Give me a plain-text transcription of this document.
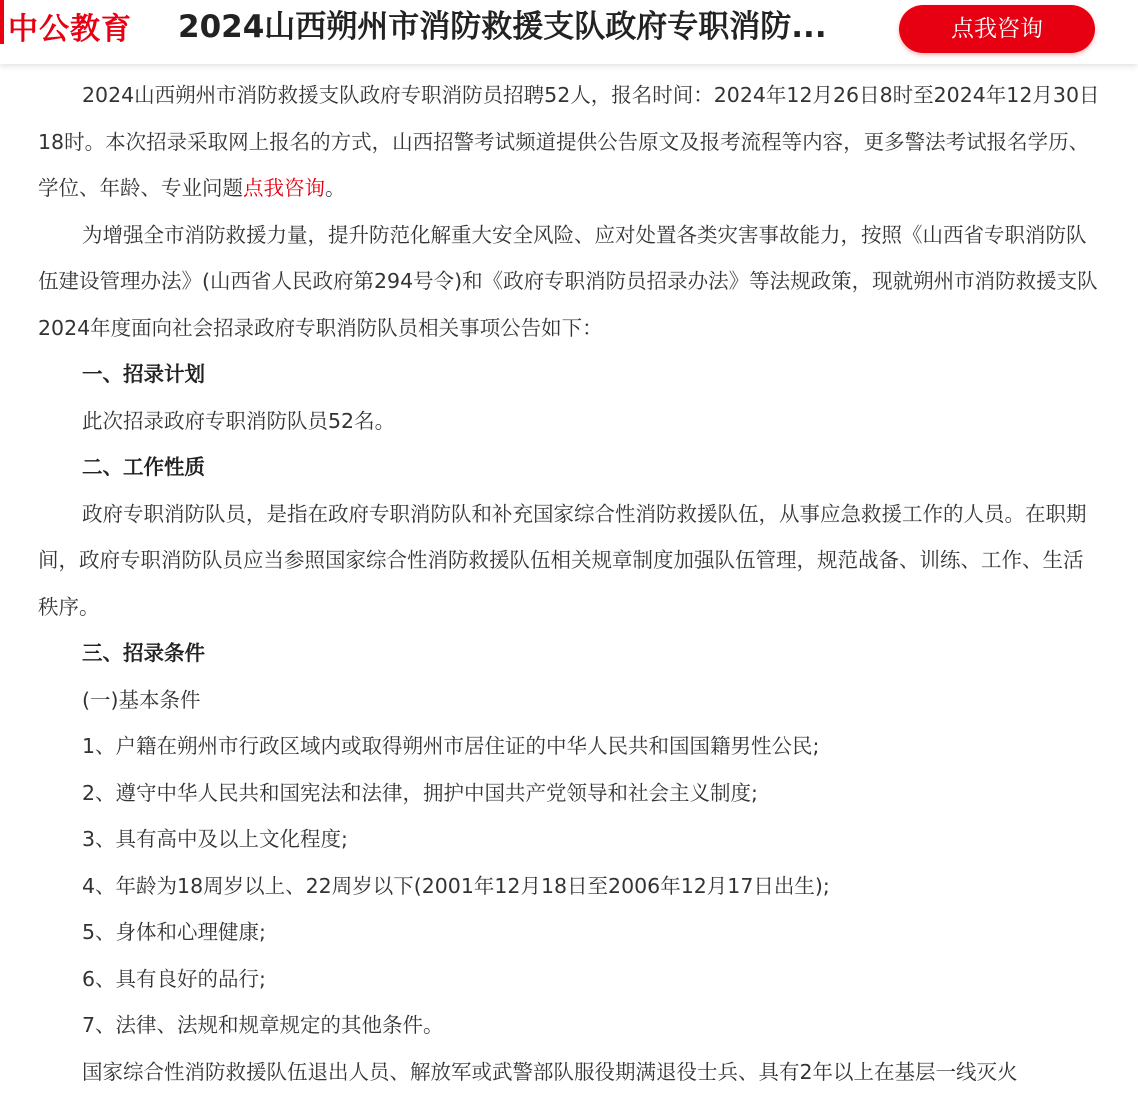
中公教育 2024山西朔州市消防救援支队政府专职消防...	点我咨询

2024山西朔州市消防救援支队政府专职消防员招聘52人，报名时间：2024年12月26日8时至2024年12月30日18时。本次招录采取网上报名的方式，山西招警考试频道提供公告原文及报考流程等内容，更多警法考试报名学历、学位、年龄、专业问题点我咨询。

为增强全市消防救援力量，提升防范化解重大安全风险、应对处置各类灾害事故能力，按照《山西省专职消防队伍建设管理办法》(山西省人民政府第294号令)和《政府专职消防员招录办法》等法规政策，现就朔州市消防救援支队2024年度面向社会招录政府专职消防队员相关事项公告如下：

一、招录计划

此次招录政府专职消防队员52名。

二、工作性质

政府专职消防队员，是指在政府专职消防队和补充国家综合性消防救援队伍，从事应急救援工作的人员。在职期间，政府专职消防队员应当参照国家综合性消防救援队伍相关规章制度加强队伍管理，规范战备、训练、工作、生活秩序。

三、招录条件

(一)基本条件

1、户籍在朔州市行政区域内或取得朔州市居住证的中华人民共和国国籍男性公民;

2、遵守中华人民共和国宪法和法律，拥护中国共产党领导和社会主义制度;

3、具有高中及以上文化程度;

4、年龄为18周岁以上、22周岁以下(2001年12月18日至2006年12月17日出生);

5、身体和心理健康;

6、具有良好的品行;

7、法律、法规和规章规定的其他条件。

国家综合性消防救援队伍退出人员、解放军或武警部队服役期满退役士兵、具有2年以上在基层一线灭火
